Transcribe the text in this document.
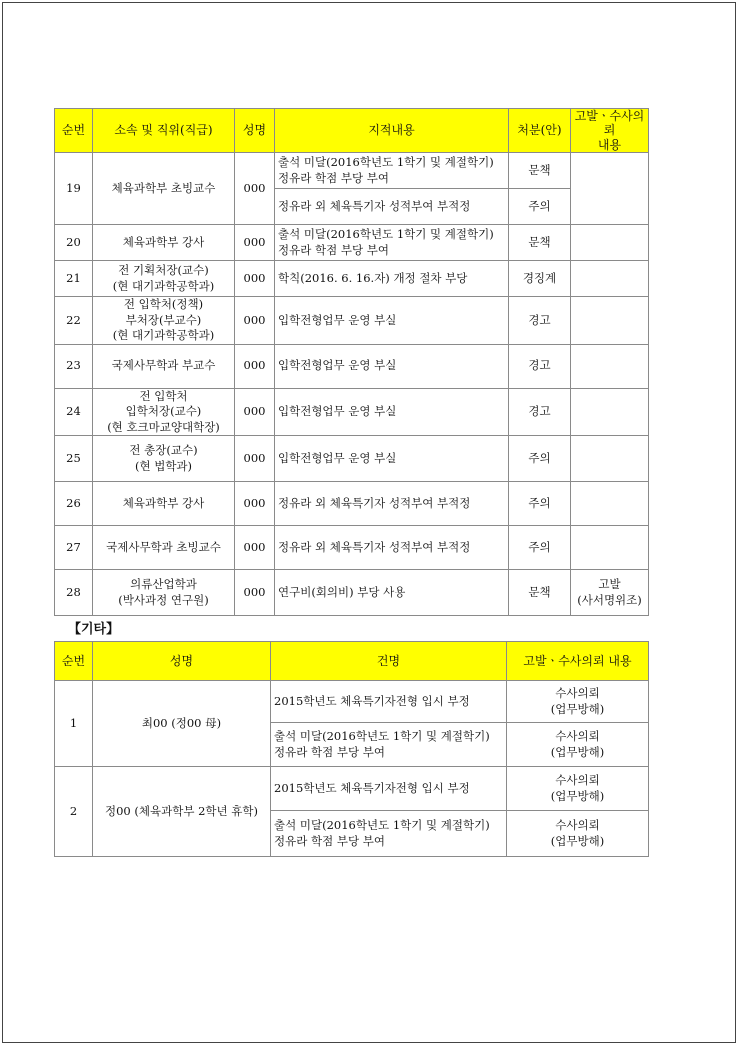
순번	소속 및 직위(직급)	성명	지적내용	처분(안)	고발ㆍ수사의뢰
내용

19	체육과학부 초빙교수	000	출석 미달(2016학년도 1학기 및 계절학기)
정유라 학점 부당 부여	문책	

			정유라 외 체육특기자 성적부여 부적정	주의	
20	체육과학부 강사	000	출석 미달(2016학년도 1학기 및 계절학기)
정유라 학점 부당 부여	문책	
21	전 기획처장(교수)
(현 대기과학공학과)	000	학칙(2016. 6. 16.자) 개정 절차 부당	경징계	
22	전 입학처(정책)
부처장(부교수)
(현 대기과학공학과)	000	입학전형업무 운영 부실	경고	
23	국제사무학과 부교수	000	입학전형업무 운영 부실	경고	
24	전 입학처
입학처장(교수)
(현 호크마교양대학장)	000	입학전형업무 운영 부실	경고	
25	전 총장(교수)
(현 법학과)	000	입학전형업무 운영 부실	주의	
26	체육과학부 강사	000	정유라 외 체육특기자 성적부여 부적정	주의	
27	국제사무학과 초빙교수	000	정유라 외 체육특기자 성적부여 부적정	주의	
28	의류산업학과
(박사과정 연구원)	000	연구비(회의비) 부당 사용	문책	고발
(사서명위조)
【기타】
순번	성명	건명	고발ㆍ수사의뢰 내용
1	최00 (정00 母)	2015학년도 체육특기자전형 입시 부정	수사의뢰
(업무방해)

		출석 미달(2016학년도 1학기 및 계절학기)
정유라 학점 부당 부여	수사의뢰
(업무방해)

2	정00 (체육과학부 2학년 휴학)	2015학년도 체육특기자전형 입시 부정	수사의뢰
(업무방해)

		출석 미달(2016학년도 1학기 및 계절학기)
정유라 학점 부당 부여	수사의뢰
(업무방해)
